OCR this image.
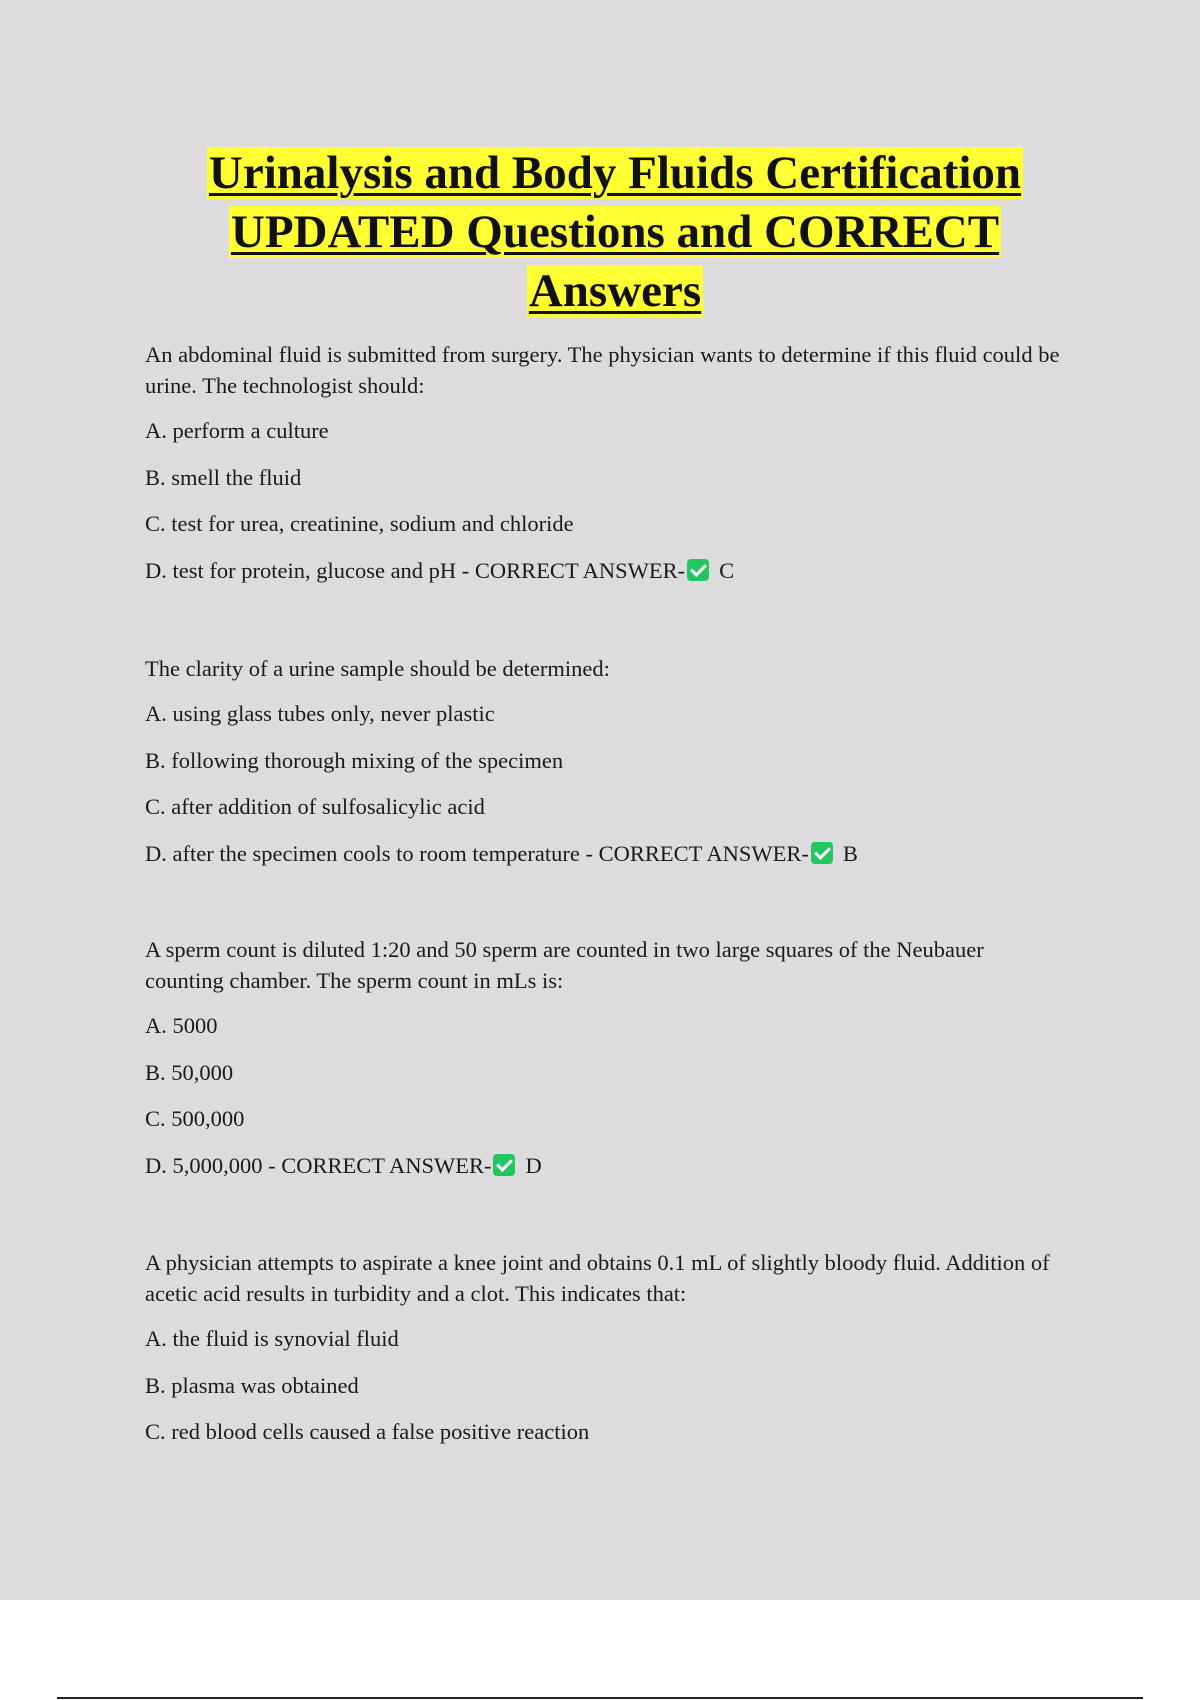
Urinalysis and Body Fluids Certification
UPDATED Questions and CORRECT
Answers

An abdominal fluid is submitted from surgery. The physician wants to determine if this fluid could be urine. The technologist should:

A. perform a culture
B. smell the fluid
C. test for urea, creatinine, sodium and chloride
D. test for protein, glucose and pH - CORRECT ANSWER- C

The clarity of a urine sample should be determined:

A. using glass tubes only, never plastic
B. following thorough mixing of the specimen
C. after addition of sulfosalicylic acid
D. after the specimen cools to room temperature - CORRECT ANSWER- B

A sperm count is diluted 1:20 and 50 sperm are counted in two large squares of the Neubauer counting chamber. The sperm count in mLs is:

A. 5000
B. 50,000
C. 500,000
D. 5,000,000 - CORRECT ANSWER- D

A physician attempts to aspirate a knee joint and obtains 0.1 mL of slightly bloody fluid. Addition of acetic acid results in turbidity and a clot. This indicates that:

A. the fluid is synovial fluid
B. plasma was obtained
C. red blood cells caused a false positive reaction
